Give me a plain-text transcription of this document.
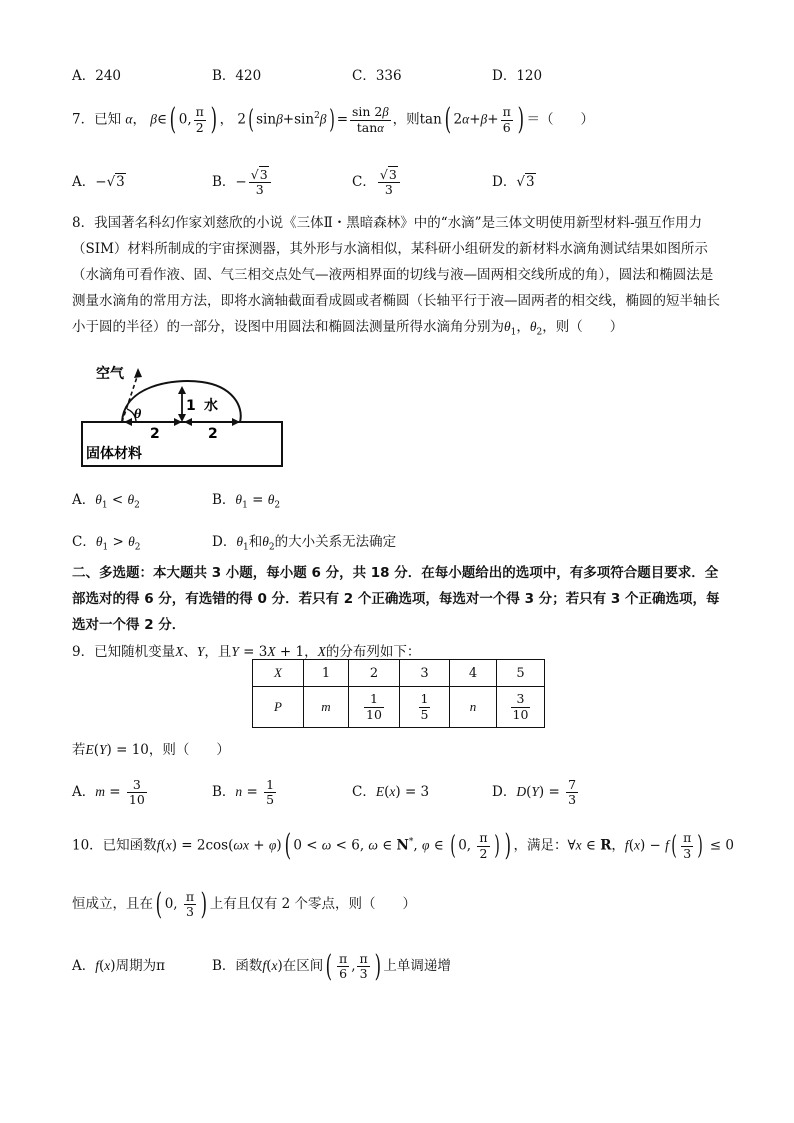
A．240	B．420	C．336	D．120
7．已知 α， β∈( 0, $\frac{\pi}{2}$ ) ， 2( $\sin\beta+\sin^2\beta) = \frac{\sin 2\beta}{\tan\alpha}$ ，则tan( $2\alpha+\beta+ \frac{\pi}{6}$ ) ＝（　　）
A．−√3	B．− $\frac{√3}{3}$	C． $\frac{√3}{3}$	D．√3
8．我国著名科幻作家刘慈欣的小说《三体Ⅱ・黑暗森林》中的“水滴”是三体文明使用新型材料-强互作用力（SIM）材料所制成的宇宙探测器，其外形与水滴相似，某科研小组研发的新材料水滴角测试结果如图所示（水滴角可看作液、固、气三相交点处气—液两相界面的切线与液—固两相交线所成的角），圆法和椭圆法是测量水滴角的常用方法，即将水滴轴截面看成圆或者椭圆（长轴平行于液—固两者的相交线，椭圆的短半轴长小于圆的半径）的一部分，设图中用圆法和椭圆法测量所得水滴角分别为$\theta_1$，$\theta_2$，则（　　）
空气
θ
1 水
2	2
固体材料
A．$\theta_1 < \theta_2$	B．$\theta_1 = \theta_2$
C．$\theta_1 > \theta_2$	D．$\theta_1$和$\theta_2$的大小关系无法确定
二、多选题：本大题共 3 小题，每小题 6 分，共 18 分．在每小题给出的选项中，有多项符合题目要求．全部选对的得 6 分，有选错的得 0 分．若只有 2 个正确选项，每选对一个得 3 分；若只有 3 个正确选项，每选对一个得 2 分．
9．已知随机变量X、Y，且Y = 3X + 1，X的分布列如下：
X	1	2	3	4	5
P	m	$\frac{1}{10}$	$\frac{1}{5}$	n	$\frac{3}{10}$
若E(Y) = 10，则（　　）
A．$m = \frac{3}{10}$	B．$n = \frac{1}{5}$	C．E(x) = 3	D．$D(Y) = \frac{7}{3}$
10．已知函数f(x) = 2cos(ωx + φ)( 0 < ω < 6, ω ∈ N*, φ ∈ ( 0, $\frac{\pi}{2}$ ) ) ，满足：∀x ∈ R，$f(x) - f( \frac{\pi}{3}$ ) ≤ 0
恒成立，且在( 0, $\frac{\pi}{3}$ ) 上有且仅有 2 个零点，则（　　）
A．f(x)周期为π	B．函数f(x)在区间( $\frac{\pi}{6}$ , $\frac{\pi}{3}$ ) 上单调递增
